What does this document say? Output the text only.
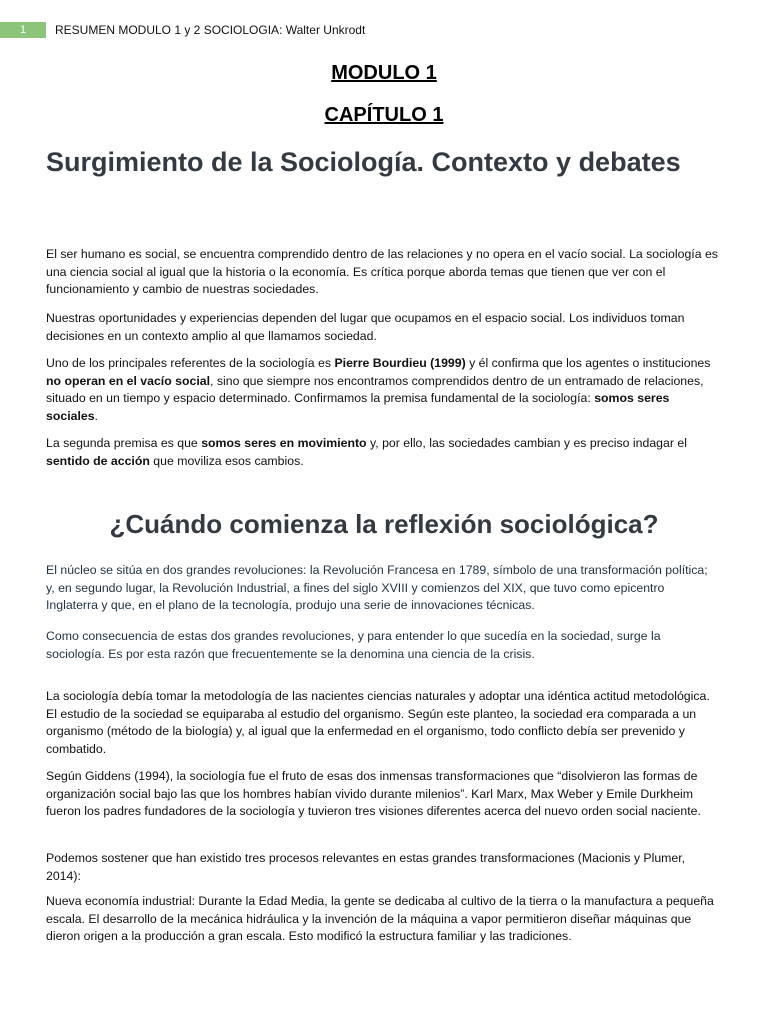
1	RESUMEN MODULO 1 y 2 SOCIOLOGIA: Walter Unkrodt
MODULO 1
CAPÍTULO 1
Surgimiento de la Sociología. Contexto y debates
El ser humano es social, se encuentra comprendido dentro de las relaciones y no opera en el vacío social. La sociología es una ciencia social al igual que la historia o la economía. Es crítica porque aborda temas que tienen que ver con el funcionamiento y cambio de nuestras sociedades.
Nuestras oportunidades y experiencias dependen del lugar que ocupamos en el espacio social. Los individuos toman decisiones en un contexto amplio al que llamamos sociedad.
Uno de los principales referentes de la sociología es Pierre Bourdieu (1999) y él confirma que los agentes o instituciones no operan en el vacío social, sino que siempre nos encontramos comprendidos dentro de un entramado de relaciones, situado en un tiempo y espacio determinado. Confirmamos la premisa fundamental de la sociología: somos seres sociales.
La segunda premisa es que somos seres en movimiento y, por ello, las sociedades cambian y es preciso indagar el sentido de acción que moviliza esos cambios.
¿Cuándo comienza la reflexión sociológica?
El núcleo se sitúa en dos grandes revoluciones: la Revolución Francesa en 1789, símbolo de una transformación política; y, en segundo lugar, la Revolución Industrial, a fines del siglo XVIII y comienzos del XIX, que tuvo como epicentro Inglaterra y que, en el plano de la tecnología, produjo una serie de innovaciones técnicas.
Como consecuencia de estas dos grandes revoluciones, y para entender lo que sucedía en la sociedad, surge la sociología. Es por esta razón que frecuentemente se la denomina una ciencia de la crisis.
La sociología debía tomar la metodología de las nacientes ciencias naturales y adoptar una idéntica actitud metodológica. El estudio de la sociedad se equiparaba al estudio del organismo. Según este planteo, la sociedad era comparada a un organismo (método de la biología) y, al igual que la enfermedad en el organismo, todo conflicto debía ser prevenido y combatido.
Según Giddens (1994), la sociología fue el fruto de esas dos inmensas transformaciones que “disolvieron las formas de organización social bajo las que los hombres habían vivido durante milenios”. Karl Marx, Max Weber y Emile Durkheim fueron los padres fundadores de la sociología y tuvieron tres visiones diferentes acerca del nuevo orden social naciente.
Podemos sostener que han existido tres procesos relevantes en estas grandes transformaciones (Macionis y Plumer, 2014):
Nueva economía industrial: Durante la Edad Media, la gente se dedicaba al cultivo de la tierra o la manufactura a pequeña escala. El desarrollo de la mecánica hidráulica y la invención de la máquina a vapor permitieron diseñar máquinas que dieron origen a la producción a gran escala. Esto modificó la estructura familiar y las tradiciones.
